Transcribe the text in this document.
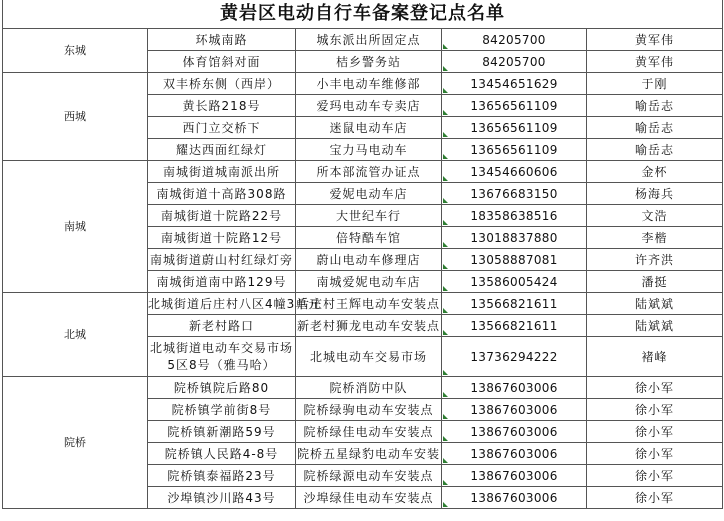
黄岩区电动自行车备案登记点名单				
东城	环城南路	城东派出所固定点	84205700	黄军伟
	体育馆斜对面	桔乡警务站	84205700	黄军伟
西城	双丰桥东侧（西岸）	小丰电动车维修部	13454651629	于刚
	黄长路218号	爱玛电动车专卖店	13656561109	喻岳志
	西门立交桥下	迷鼠电动车店	13656561109	喻岳志
	耀达西面红绿灯	宝力马电动车	13656561109	喻岳志
南城	南城街道城南派出所	所本部流管办证点	13454660606	金杯
	南城街道十高路308路	爱妮电动车店	13676683150	杨海兵
	南城街道十院路22号	大世纪车行	18358638516	文浩
	南城街道十院路12号	倍特酷车馆	13018837880	李楷
	南城街道蔚山村红绿灯旁	蔚山电动车修理店	13058887081	许齐洪
	南城街道南中路129号	南城爱妮电动车店	13586005424	潘挺
北城	北城街道后庄村八区4幢3单元	后庄村王辉电动车安装点	13566821611	陆斌斌
	新老村路口	新老村狮龙电动车安装点	13566821611	陆斌斌
	北城街道电动车交易市场5区8号（雅马哈）	北城电动车交易市场	13736294222	褚峰
院桥	院桥镇院后路80	院桥消防中队	13867603006	徐小军
	院桥镇学前街8号	院桥绿驹电动车安装点	13867603006	徐小军
	院桥镇新潮路59号	院桥绿佳电动车安装点	13867603006	徐小军
	院桥镇人民路4-8号	院桥五星绿豹电动车安装	13867603006	徐小军
	院桥镇泰福路23号	院桥绿源电动车安装点	13867603006	徐小军
	沙埠镇沙川路43号	沙埠绿佳电动车安装点	13867603006	徐小军
